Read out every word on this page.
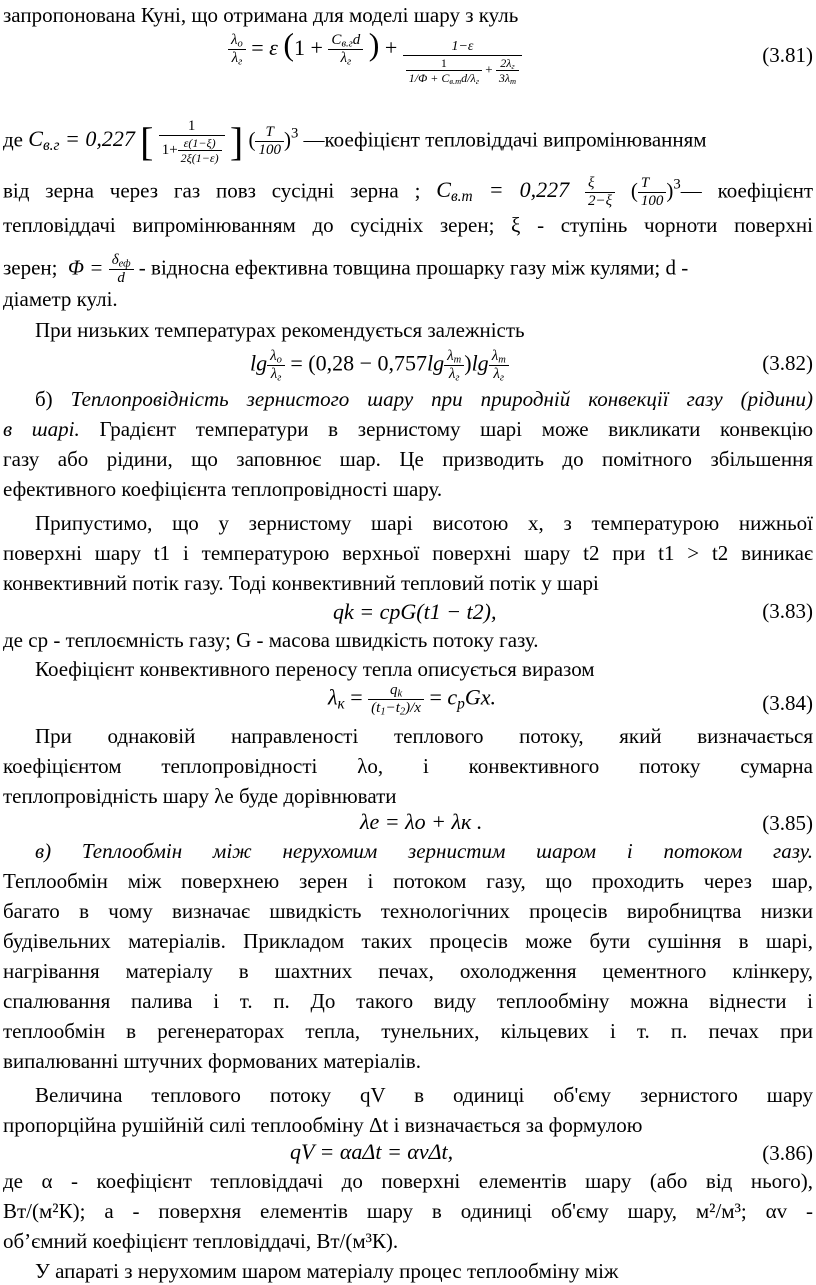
запропонована Куні, що отримана для моделі шару з куль
$\frac{\lambda_o}{\lambda_г} = \varepsilon$ ($1 + \frac{C_{в.г}d}{\lambda_г}$ ) + $\frac{1-\varepsilon}{\frac{1}{1/\Phi + C_{в.т}d/\lambda_г} + \frac{2\lambda_г}{3\lambda_m}}$	(3.81)
де $C_{в.г} = 0,227$ [ $\frac{1}{1+ \frac{\varepsilon(1-\xi)}{2\xi(1-\varepsilon)}}$ ] ( $\frac{T}{100} )^3$ —коефіцієнт тепловіддачі випромінюванням
від зерна через газ повз сусідні зерна ; $C_{в.т} = 0,227 \frac{\xi}{2-\xi}$ ( $\frac{T}{100}$ )$^3$— коефіцієнт
тепловіддачі випромінюванням до сусідніх зерен; ξ - ступінь чорноти поверхні
зерен; $\Phi = \frac{\delta_{еф}}{d}$ - відносна ефективна товщина прошарку газу між кулями; d -
діаметр кулі.
При низьких температурах рекомендується залежність
$\lg \frac{\lambda_o}{\lambda_г} = (0,28 - 0,757\lg \frac{\lambda_m}{\lambda_г} )\lg \frac{\lambda_m}{\lambda_г}$	(3.82)
б) Теплопровідність зернистого шару при природній конвекції газу (рідини)
в шарі. Градієнт температури в зернистому шарі може викликати конвекцію
газу або рідини, що заповнює шар. Це призводить до помітного збільшення
ефективного коефіцієнта теплопровідності шару.
Припустимо, що у зернистому шарі висотою x, з температурою нижньої
поверхні шару t1 і температурою верхньої поверхні шару t2 при t1 > t2 виникає
конвективний потік газу. Тоді конвективний тепловий потік у шарі
qk = cpG(t1 − t2),	(3.83)
де cp - теплоємність газу; G - масова швидкість потоку газу.
Коефіцієнт конвективного переносу тепла описується виразом
$\lambda_к = \frac{q_k}{(t_1-t_2)/x} = c_pGx$.	(3.84)
При однаковій направленості теплового потоку, який визначається
коефіцієнтом теплопровідності λo, і конвективного потоку сумарна
теплопровідність шару λе буде дорівнювати
λе = λo + λк .	(3.85)
в) Теплообмін між нерухомим зернистим шаром і потоком газу.
Теплообмін між поверхнею зерен і потоком газу, що проходить через шар,
багато в чому визначає швидкість технологічних процесів виробництва низки
будівельних матеріалів. Прикладом таких процесів може бути сушіння в шарі,
нагрівання матеріалу в шахтних печах, охолодження цементного клінкеру,
спалювання палива і т. п. До такого виду теплообміну можна віднести і
теплообмін в регенераторах тепла, тунельних, кільцевих і т. п. печах при
випалюванні штучних формованих матеріалів.
Величина теплового потоку qV в одиниці об'єму зернистого шару
пропорційна рушійній силі теплообміну Δt і визначається за формулою
qV = αaΔt = αvΔt,	(3.86)
де α - коефіцієнт тепловіддачі до поверхні елементів шару (або від нього),
Вт/(м²К); a - поверхня елементів шару в одиниці об'єму шару, м²/м³; αv -
об’ємний коефіцієнт тепловіддачі, Вт/(м³К).
У апараті з нерухомим шаром матеріалу процес теплообміну між
